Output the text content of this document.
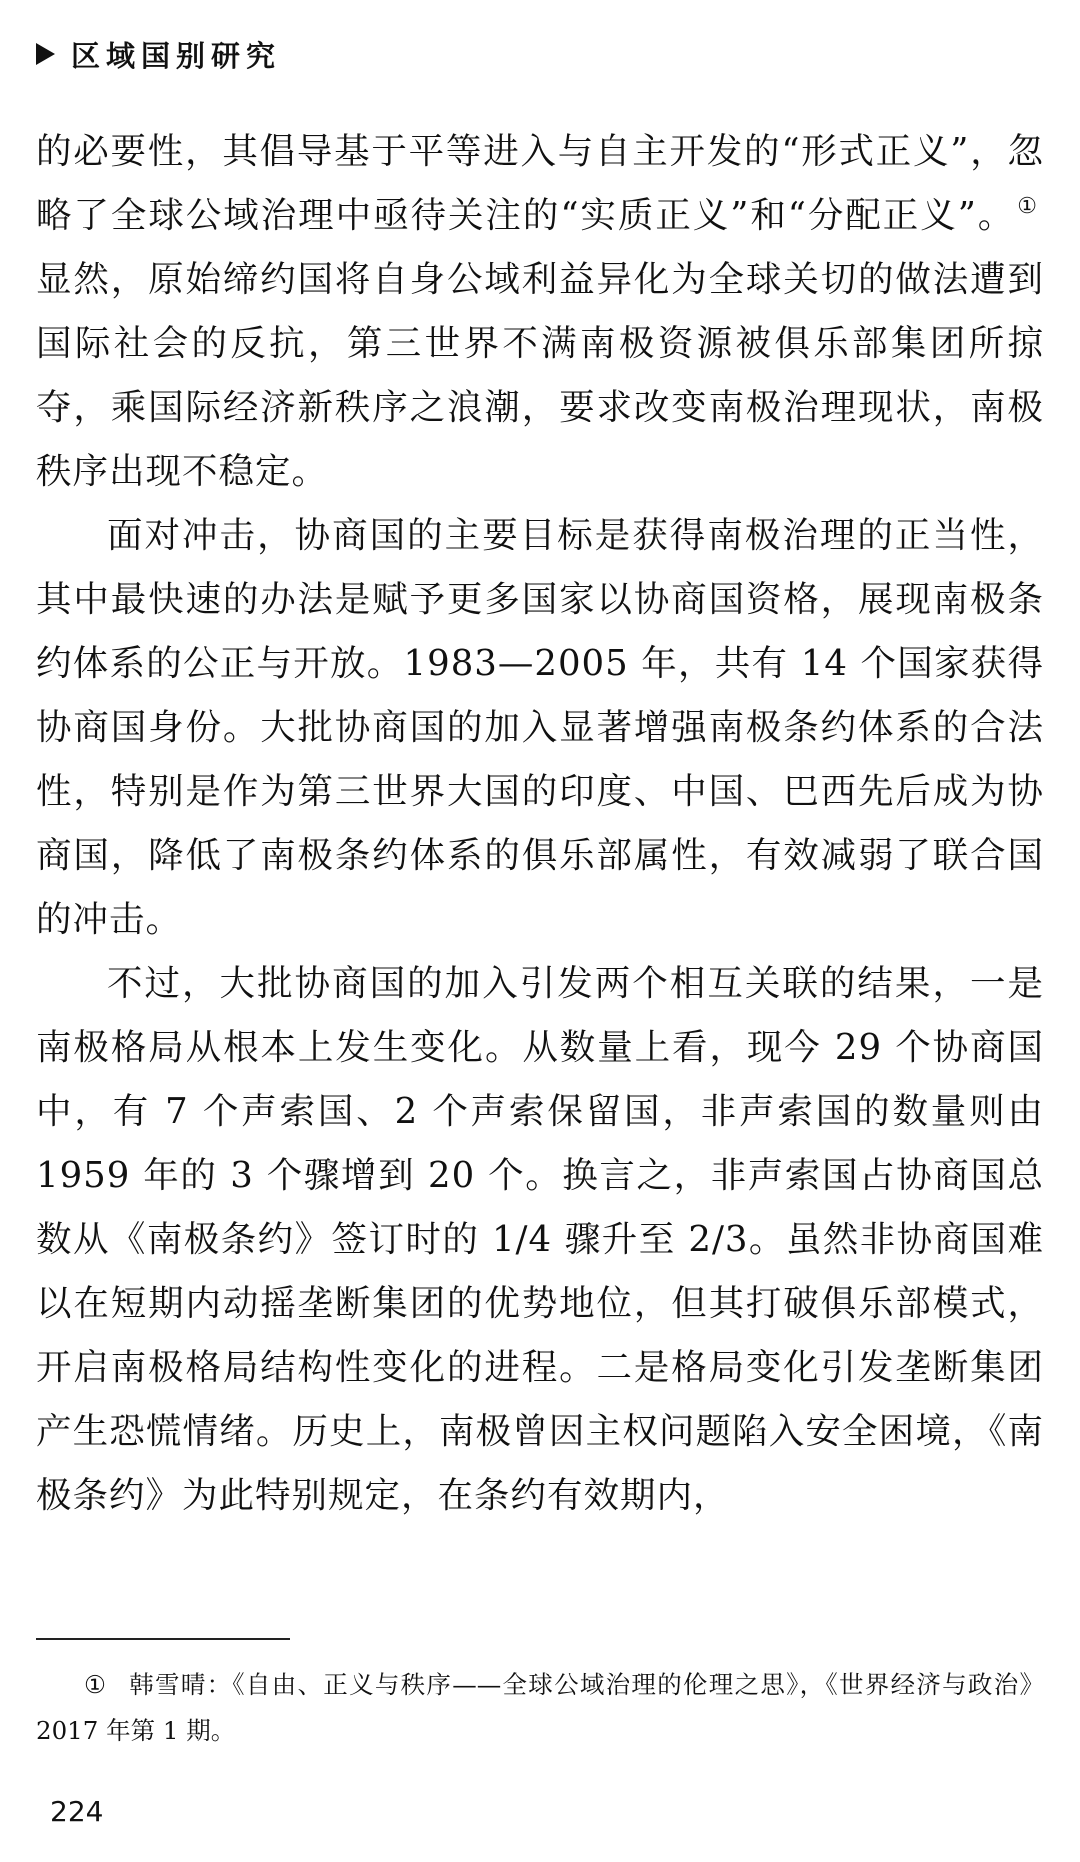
区域国别研究

的必要性，其倡导基于平等进入与自主开发的“形式正义”，忽略了全球公域治理中亟待关注的“实质正义”和“分配正义”。①显然，原始缔约国将自身公域利益异化为全球关切的做法遭到国际社会的反抗，第三世界不满南极资源被俱乐部集团所掠夺，乘国际经济新秩序之浪潮，要求改变南极治理现状，南极秩序出现不稳定。

面对冲击，协商国的主要目标是获得南极治理的正当性，其中最快速的办法是赋予更多国家以协商国资格，展现南极条约体系的公正与开放。1983—2005 年，共有 14 个国家获得协商国身份。大批协商国的加入显著增强南极条约体系的合法性，特别是作为第三世界大国的印度、中国、巴西先后成为协商国，降低了南极条约体系的俱乐部属性，有效减弱了联合国的冲击。

不过，大批协商国的加入引发两个相互关联的结果，一是南极格局从根本上发生变化。从数量上看，现今 29 个协商国中，有 7 个声索国、2 个声索保留国，非声索国的数量则由 1959 年的 3 个骤增到 20 个。换言之，非声索国占协商国总数从《南极条约》签订时的 1/4 骤升至 2/3。虽然非协商国难以在短期内动摇垄断集团的优势地位，但其打破俱乐部模式，开启南极格局结构性变化的进程。二是格局变化引发垄断集团产生恐慌情绪。历史上，南极曾因主权问题陷入安全困境，《南极条约》为此特别规定，在条约有效期内，

① 韩雪晴：《自由、正义与秩序——全球公域治理的伦理之思》，《世界经济与政治》2017 年第 1 期。
224
